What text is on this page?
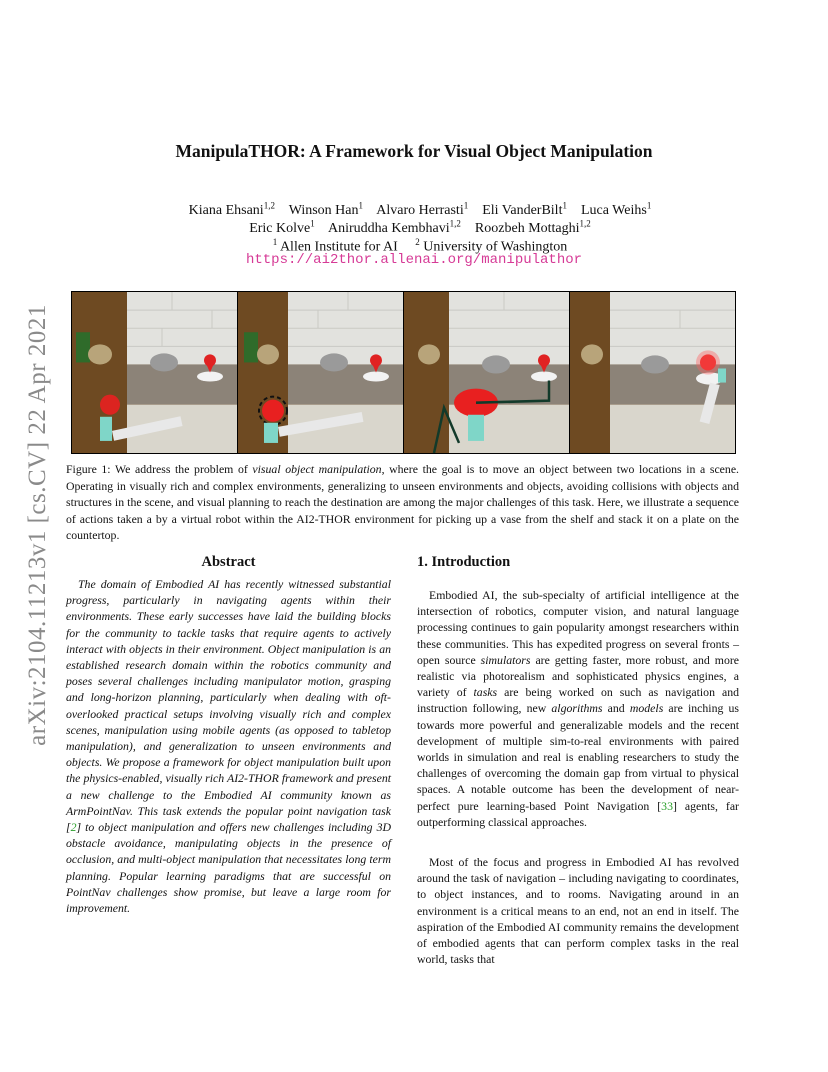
arXiv:2104.11213v1 [cs.CV] 22 Apr 2021
ManipulaTHOR: A Framework for Visual Object Manipulation
Kiana Ehsani$^{1,2}$ Winson Han$^1$ Alvaro Herrasti$^1$ Eli VanderBilt$^1$ Luca Weihs$^1$
Eric Kolve$^1$ Aniruddha Kembhavi$^{1,2}$ Roozbeh Mottaghi$^{1,2}$
$^1$ Allen Institute for AI $^2$ University of Washington
https://ai2thor.allenai.org/manipulathor
Figure 1: We address the problem of visual object manipulation, where the goal is to move an object between two locations in a scene. Operating in visually rich and complex environments, generalizing to unseen environments and objects, avoiding collisions with objects and structures in the scene, and visual planning to reach the destination are among the major challenges of this task. Here, we illustrate a sequence of actions taken a by a virtual robot within the AI2-THOR environment for picking up a vase from the shelf and stack it on a plate on the countertop.
Abstract
The domain of Embodied AI has recently witnessed substantial progress, particularly in navigating agents within their environments. These early successes have laid the building blocks for the community to tackle tasks that require agents to actively interact with objects in their environment. Object manipulation is an established research domain within the robotics community and poses several challenges including manipulator motion, grasping and long-horizon planning, particularly when dealing with oft-overlooked practical setups involving visually rich and complex scenes, manipulation using mobile agents (as opposed to tabletop manipulation), and generalization to unseen environments and objects. We propose a framework for object manipulation built upon the physics-enabled, visually rich AI2-THOR framework and present a new challenge to the Embodied AI community known as ArmPointNav. This task extends the popular point navigation task [2] to object manipulation and offers new challenges including 3D obstacle avoidance, manipulating objects in the presence of occlusion, and multi-object manipulation that necessitates long term planning. Popular learning paradigms that are successful on PointNav challenges show promise, but leave a large room for improvement.
1. Introduction
Embodied AI, the sub-specialty of artificial intelligence at the intersection of robotics, computer vision, and natural language processing continues to gain popularity amongst researchers within these communities. This has expedited progress on several fronts – open source simulators are getting faster, more robust, and more realistic via photorealism and sophisticated physics engines, a variety of tasks are being worked on such as navigation and instruction following, new algorithms and models are inching us towards more powerful and generalizable models and the recent development of multiple sim-to-real environments with paired worlds in simulation and real is enabling researchers to study the challenges of overcoming the domain gap from virtual to physical spaces. A notable outcome has been the development of near-perfect pure learning-based Point Navigation [33] agents, far outperforming classical approaches.
Most of the focus and progress in Embodied AI has revolved around the task of navigation – including navigating to coordinates, to object instances, and to rooms. Navigating around in an environment is a critical means to an end, not an end in itself. The aspiration of the Embodied AI community remains the development of embodied agents that can perform complex tasks in the real world, tasks that
